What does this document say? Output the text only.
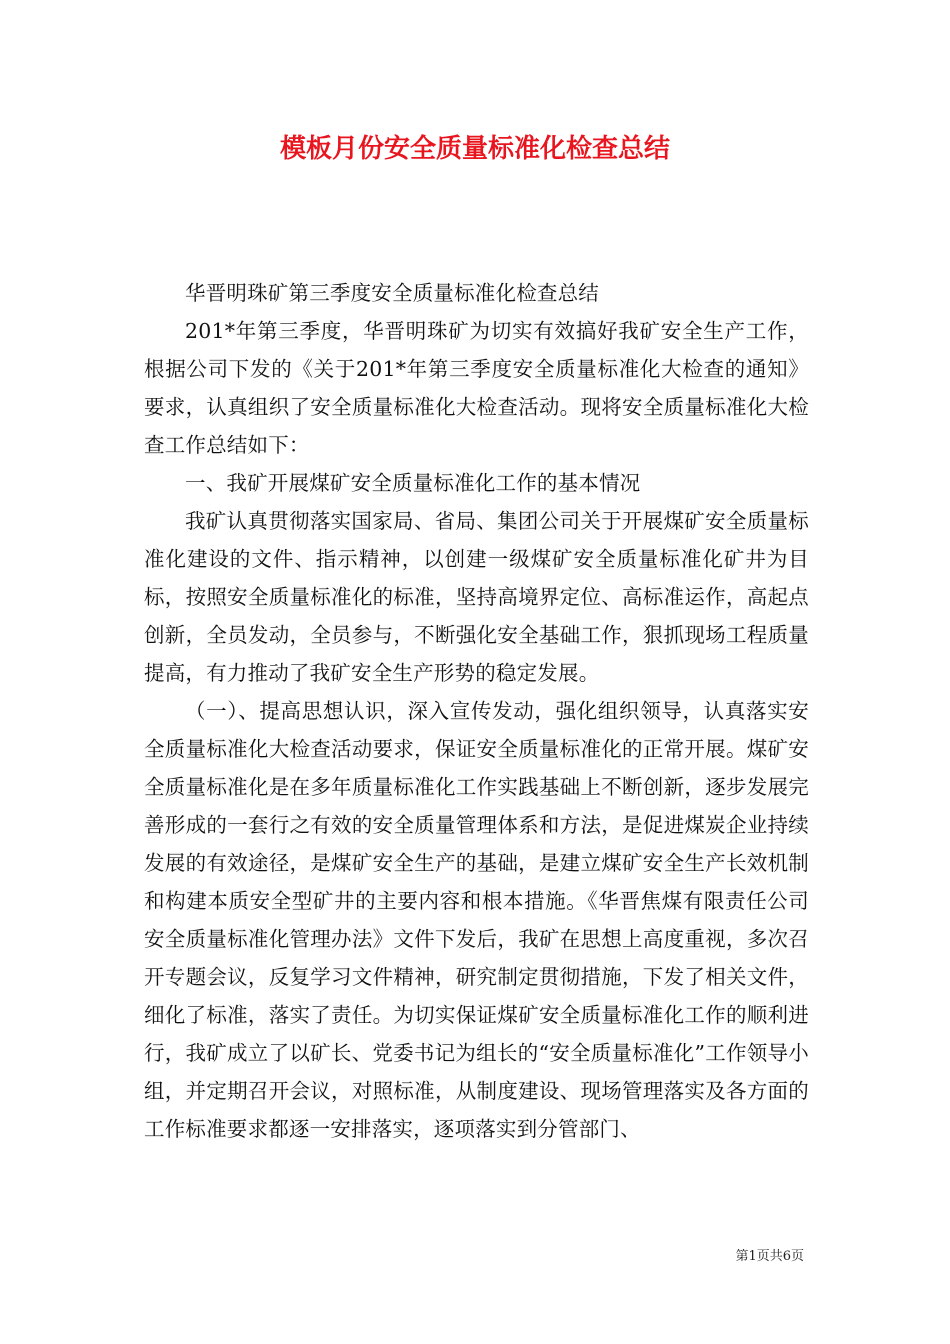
模板月份安全质量标准化检查总结

华晋明珠矿第三季度安全质量标准化检查总结

201*年第三季度，华晋明珠矿为切实有效搞好我矿安全生产工作，根据公司下发的《关于201*年第三季度安全质量标准化大检查的通知》要求，认真组织了安全质量标准化大检查活动。现将安全质量标准化大检查工作总结如下：

一、我矿开展煤矿安全质量标准化工作的基本情况

我矿认真贯彻落实国家局、省局、集团公司关于开展煤矿安全质量标准化建设的文件、指示精神，以创建一级煤矿安全质量标准化矿井为目标，按照安全质量标准化的标准，坚持高境界定位、高标准运作，高起点创新，全员发动，全员参与，不断强化安全基础工作，狠抓现场工程质量提高，有力推动了我矿安全生产形势的稳定发展。

（一）、提高思想认识，深入宣传发动，强化组织领导，认真落实安全质量标准化大检查活动要求，保证安全质量标准化的正常开展。煤矿安全质量标准化是在多年质量标准化工作实践基础上不断创新，逐步发展完善形成的一套行之有效的安全质量管理体系和方法，是促进煤炭企业持续发展的有效途径，是煤矿安全生产的基础，是建立煤矿安全生产长效机制和构建本质安全型矿井的主要内容和根本措施。《华晋焦煤有限责任公司安全质量标准化管理办法》文件下发后，我矿在思想上高度重视，多次召开专题会议，反复学习文件精神，研究制定贯彻措施，下发了相关文件，细化了标准，落实了责任。为切实保证煤矿安全质量标准化工作的顺利进行，我矿成立了以矿长、党委书记为组长的“安全质量标准化”工作领导小组，并定期召开会议，对照标准，从制度建设、现场管理落实及各方面的工作标准要求都逐一安排落实，逐项落实到分管部门、

第1页共6页
